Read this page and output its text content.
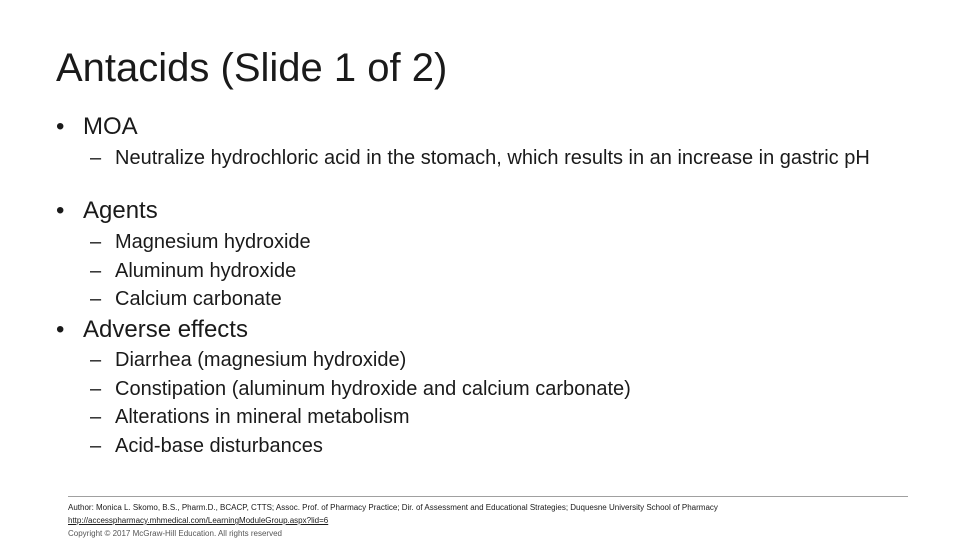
Antacids (Slide 1 of 2)
• MOA
– Neutralize hydrochloric acid in the stomach, which results in an increase in gastric pH
• Agents
– Magnesium hydroxide
– Aluminum hydroxide
– Calcium carbonate
• Adverse effects
– Diarrhea (magnesium hydroxide)
– Constipation (aluminum hydroxide and calcium carbonate)
– Alterations in mineral metabolism
– Acid-base disturbances
Author: Monica L. Skomo, B.S., Pharm.D., BCACP, CTTS; Assoc. Prof. of Pharmacy Practice; Dir. of Assessment and Educational Strategies; Duquesne University School of Pharmacy
http://accesspharmacy.mhmedical.com/LearningModuleGroup.aspx?lid=6
Copyright © 2017 McGraw-Hill Education. All rights reserved
